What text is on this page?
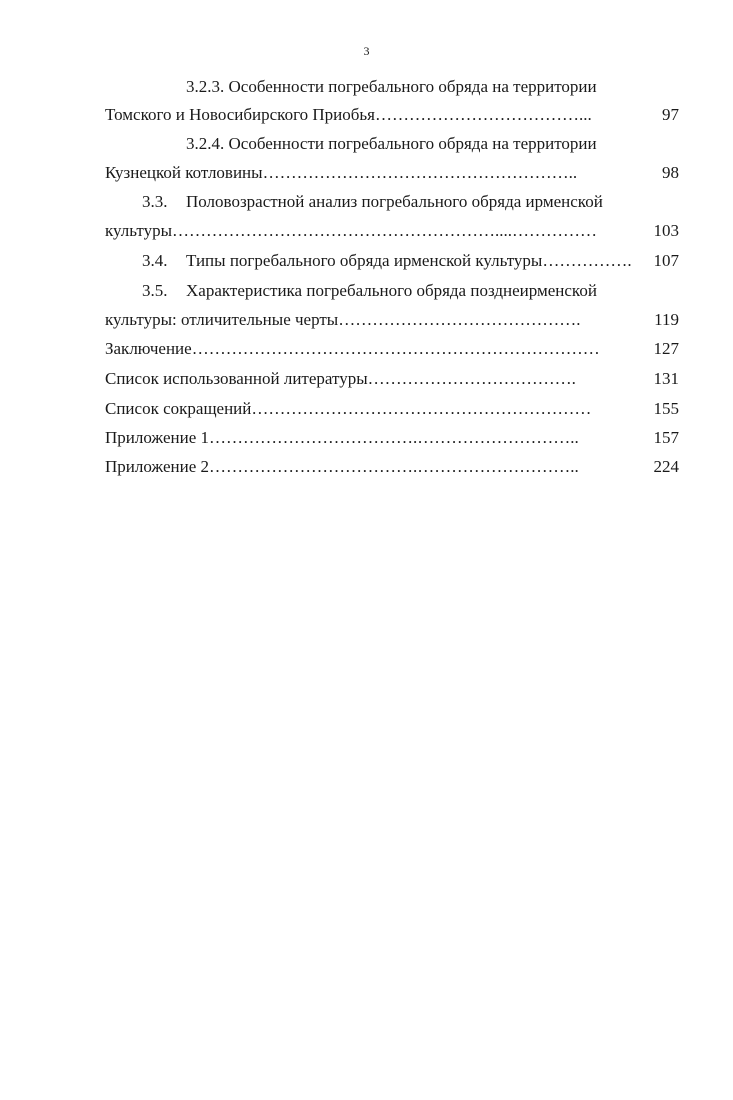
3
3.2.3. Особенности погребального обряда на территории
Томского и Новосибирского Приобья………………………………...	97
3.2.4. Особенности погребального обряда на территории
Кузнецкой котловины………………………………………………..	98
3.3. Половозрастной анализ погребального обряда ирменской
культуры…………………………………………………....……………	103
3.4. Типы погребального обряда ирменской культуры…………….	107
3.5. Характеристика погребального обряда позднеирменской
культуры: отличительные черты…………………………………….	119
Заключение………………………………………………………………	127
Список использованной литературы……………………………….	131
Список сокращений……………………………………………………	155
Приложение 1……………………………….………………………..	157
Приложение 2……………………………….………………………..	224
